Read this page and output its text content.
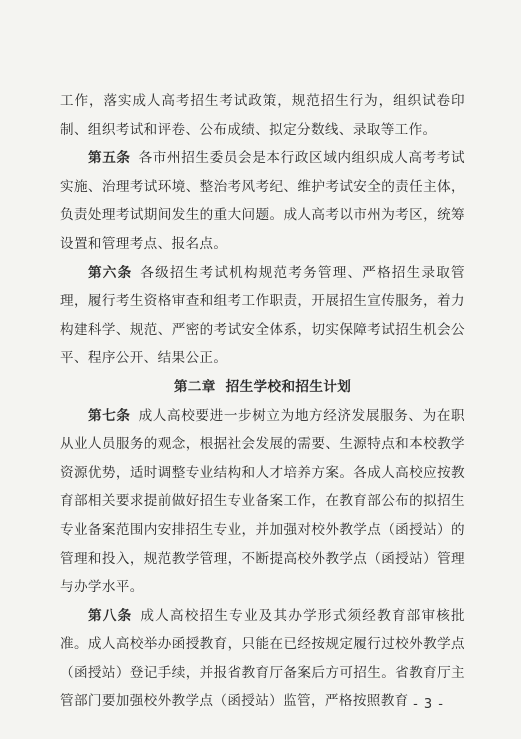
工作，落实成人高考招生考试政策，规范招生行为，组织试卷印制、组织考试和评卷、公布成绩、拟定分数线、录取等工作。

第五条 各市州招生委员会是本行政区域内组织成人高考考试实施、治理考试环境、整治考风考纪、维护考试安全的责任主体，负责处理考试期间发生的重大问题。成人高考以市州为考区，统筹设置和管理考点、报名点。

第六条 各级招生考试机构规范考务管理、严格招生录取管理，履行考生资格审查和组考工作职责，开展招生宣传服务，着力构建科学、规范、严密的考试安全体系，切实保障考试招生机会公平、程序公开、结果公正。

第二章 招生学校和招生计划

第七条 成人高校要进一步树立为地方经济发展服务、为在职从业人员服务的观念，根据社会发展的需要、生源特点和本校教学资源优势，适时调整专业结构和人才培养方案。各成人高校应按教育部相关要求提前做好招生专业备案工作，在教育部公布的拟招生专业备案范围内安排招生专业，并加强对校外教学点（函授站）的管理和投入，规范教学管理，不断提高校外教学点（函授站）管理与办学水平。

第八条 成人高校招生专业及其办学形式须经教育部审核批准。成人高校举办函授教育，只能在已经按规定履行过校外教学点（函授站）登记手续，并报省教育厅备案后方可招生。省教育厅主管部门要加强校外教学点（函授站）监管，严格按照教育 - 3 -
